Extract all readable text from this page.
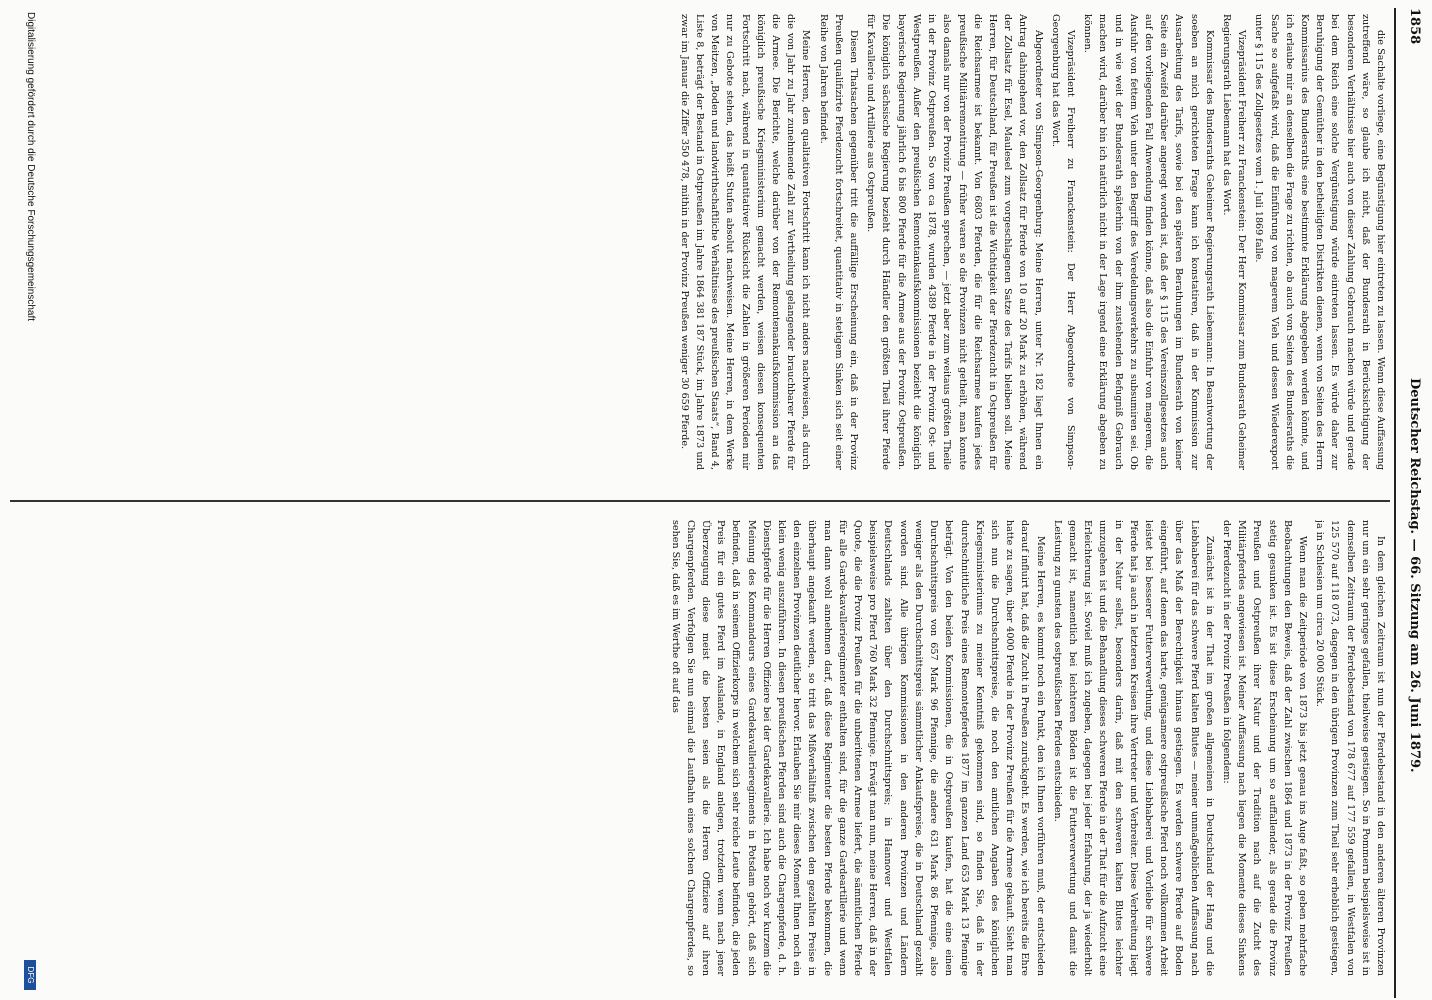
1858
Deutscher Reichstag. — 66. Sitzung am 26. Juni 1879.

die Sachalte vorliege, eine Begünstigung hier eintreten zu lassen. Wenn diese Auffassung zutreffend wäre, so glaube ich nicht, daß der Bundesrath in Berücksichtigung der besonderen Verhältnisse hier auch von dieser Zahlung Gebrauch machen würde und gerade bei dem Reich eine solche Vergünstigung würde eintreten lassen. Es würde daher zur Beruhigung der Gemüther in den betheiligten Distrikten dienen, wenn von Seiten des Herrn Kommissarius des Bundesraths eine bestimmte Erklärung abgegeben werden könnte, und ich erlaube mir an denselben die Frage zu richten, ob auch von Seiten des Bundesraths die Sache so aufgefaßt wird, daß die Einführung von magerem Vieh und dessen Wiederexport unter § 115 des Zollgesetzes vom 1. Juli 1869 falle.

Vizepräsident Freiherr zu Franckenstein: Der Herr Kommissar zum Bundesrath Geheimer Regierungsrath Liebemann hat das Wort.

Kommissar des Bundesraths Geheimer Regierungsrath Liebemann: In Beantwortung der soeben an mich gerichteten Frage kann ich konstatiren, daß in der Kommission zur Ausarbeitung des Tarifs, sowie bei den späteren Berathungen im Bundesrath von keiner Seite ein Zweifel darüber angeregt worden ist, daß der § 115 des Vereinszollgesetzes auch auf den vorliegenden Fall Anwendung finden könne, daß also die Einfuhr von magerem, die Ausfuhr von fettem Vieh unter den Begriff des Veredelungsverkehrs zu subsumiren sei. Ob und in wie weit der Bundesrath späterhin von der ihm zustehenden Befugniß Gebrauch machen wird, darüber bin ich natürlich nicht in der Lage irgend eine Erklärung abgeben zu können.

Vizepräsident Freiherr zu Franckenstein: Der Herr Abgeordnete von Simpson-Georgenburg hat das Wort.

Abgeordneter von Simpson-Georgenburg: Meine Herren, unter Nr. 182 liegt Ihnen ein Antrag dahingehend vor, den Zollsatz für Pferde von 10 auf 20 Mark zu erhöhen, während der Zollsatz für Esel, Maulesel zum vorgeschlagenen Satze des Tarifs bleiben soll. Meine Herren, für Deutschland, für Preußen ist die Wichtigkeit der Pferdezucht in Ostpreußen für die Reichsarmee ist bekannt. Von 6803 Pferden, die für die Reichsarmee kaufen jedes preußische Militärremontirung — früher waren so die Provinzen nicht getheilt, man konnte also damals nur von der Provinz Preußen sprechen, — jetzt aber zum weitaus größten Theile in der Provinz Ostpreußen. So von ca 1878, wurden 4389 Pferde in der Provinz Ost- und Westpreußen. Außer den preußischen Remontankaufskommissionen bezieht die königlich bayerische Regierung jährlich 6 bis 800 Pferde für die Armee aus der Provinz Ostpreußen. Die königlich sächsische Regierung bezieht durch Händler den größten Theil ihrer Pferde für Kavallerie und Artillerie aus Ostpreußen.

Diesen Thatsachen gegenüber tritt die auffällige Erscheinung ein, daß in der Provinz Preußen qualifizirte Pferdezucht fortschreitet, quantitativ in stetigem Sinken sich seit einer Reihe von Jahren befindet.

Meine Herren, den qualitativen Fortschritt kann ich nicht anders nachweisen, als durch die von Jahr zu Jahr zunehmende Zahl zur Vertheilung gelangender brauchbarer Pferde für die Armee. Die Berichte, welche darüber von der Remontenankaufskommission an das königlich preußische Kriegsministerium gemacht werden, weisen diesen konsequenten Fortschritt nach, während in quantitativer Rücksicht die Zahlen in größeren Perioden mir nur zu Gebote stehen, das heißt Stufen absolut nachweisen. Meine Herren, in dem Werke von Meitzen, „Boden und landwirthschaftliche Verhältnisse des preußischen Staats“, Band 4, Liste 8, beträgt der Bestand in Ostpreußen im Jahre 1864 381 187 Stück, im Jahre 1873 und zwar im Januar die Ziffer 350 478, mithin in der Provinz Preußen weniger 30 659 Pferde.

In dem gleichen Zeitraum ist nun der Pferdebestand in den anderen älteren Provinzen nur um ein sehr geringes gefallen, theilweise gestiegen. So in Pommern beispielsweise ist in demselben Zeitraum der Pferdebestand von 178 677 auf 177 559 gefallen, in Westfalen von 125 570 auf 118 073, dagegen in den übrigen Provinzen zum Theil sehr erheblich gestiegen, ja in Schlesien um circa 20 000 Stück.

Wenn man die Zeitperiode von 1873 bis jetzt genau ins Auge faßt, so geben mehrfache Beobachtungen den Beweis, daß der Zahl zwischen 1864 und 1873 in der Provinz Preußen stetig gesunken ist. Es ist diese Erscheinung um so auffallender, als gerade die Provinz Preußen und Ostpreußen ihrer Natur und der Tradition nach auf die Zucht des Militärpferdes angewiesen ist. Meiner Auffassung nach liegen die Momente dieses Sinkens der Pferdezucht in der Provinz Preußen in folgendem:

Zunächst ist in der That im großen allgemeinen in Deutschland der Hang und die Liebhaberei für das schwere Pferd kalten Blutes — meiner unmaßgeblichen Auffassung nach über das Maß der Berechtigkeit hinaus gestiegen. Es werden schwere Pferde auf Boden eingeführt, auf denen das harte, genügsamere ostpreußische Pferd noch vollkommen Arbeit leistet bei besserer Futterverwerthung, und diese Liebhaberei und Vorliebe für schwere Pferde hat ja auch in letzteren Kreisen ihre Vertreter und Verbreiter. Diese Verbreitung liegt in der Natur selbst, besonders darin, daß mit den schweren kalten Blutes leichter umzugehen ist und die Behandlung dieses schweren Pferde in der That für die Aufzucht eine Erleichterung ist. Soviel muß ich zugeben, dagegen bei jeder Erfahrung, der ja wiederholt gemacht ist, namentlich bei leichteren Böden ist die Futterverwertung und damit die Leistung zu gunsten des ostpreußischen Pferdes entschieden.

Meine Herren, es kommt noch ein Punkt, den ich Ihnen vorführen muß, der entschieden darauf influirt hat, daß die Zucht in Preußen zurückgeht. Es werden, wie ich bereits die Ehre hatte zu sagen, über 4000 Pferde in der Provinz Preußen für die Armee gekauft. Sieht man sich nun die Durchschnittspreise, die noch den amtlichen Angaben des königlichen Kriegsministeriums zu meiner Kenntniß gekommen sind, so finden Sie, daß in der durchschnittliche Preis eines Remontepferdes 1877 im ganzen Land 653 Mark 13 Pfennige beträgt. Von den beiden Kommissionen, die in Ostpreußen kaufen, hat die eine einen Durchschnittspreis von 657 Mark 96 Pfennige, die andere 631 Mark 86 Pfennige, also weniger als den Durchschnittspreis sämmtlicher Ankaufspreise, die in Deutschland gezahlt worden sind. Alle übrigen Kommissionen in den anderen Provinzen und Ländern Deutschlands zahlten über den Durchschnittspreis; in Hannover und Westfalen beispielsweise pro Pferd 760 Mark 32 Pfennige. Erwägt man nun, meine Herren, daß in der Quote, die die Provinz Preußen für die unberittenen Armee liefert, die sämmtlichen Pferde für alle Garde-kavallerieregimenter enthalten sind, für die ganze Gardeartillerie und wenn man dann wohl annehmen darf, daß diese Regimenter die besten Pferde bekommen, die überhaupt angekauft werden, so tritt das Mißverhältniß zwischen den gezahlten Preise in den einzelnen Provinzen deutlicher hervor. Erlauben Sie mir dieses Moment Ihnen noch ein klein wenig auszuführen. In diesen preußischen Pferden sind auch die Chargenpferde, d. h. Dienstpferde für die Herren Offiziere bei der Gardekavallerie. Ich habe noch vor kurzem die Meinung des Kommandeurs eines Gardekavallerieregiments in Potsdam gehört, daß sich befinden, daß in seinem Offizierkorps in welchem sich sehr reiche Leute befinden, die jeden Preis für ein gutes Pferd im Auslande, in England anlegen, trotzdem wenn nach jener Überzeugung diese meist die besten seien als die Herren Offiziere auf ihren Chargenpferden. Verfolgen Sie nun einmal die Laufbahn eines solchen Chargenpferdes, so sehen Sie, daß es im Werthe oft auf das

Digitalisierung gefördert durch die Deutsche Forschungsgemeinschaft
DFG
